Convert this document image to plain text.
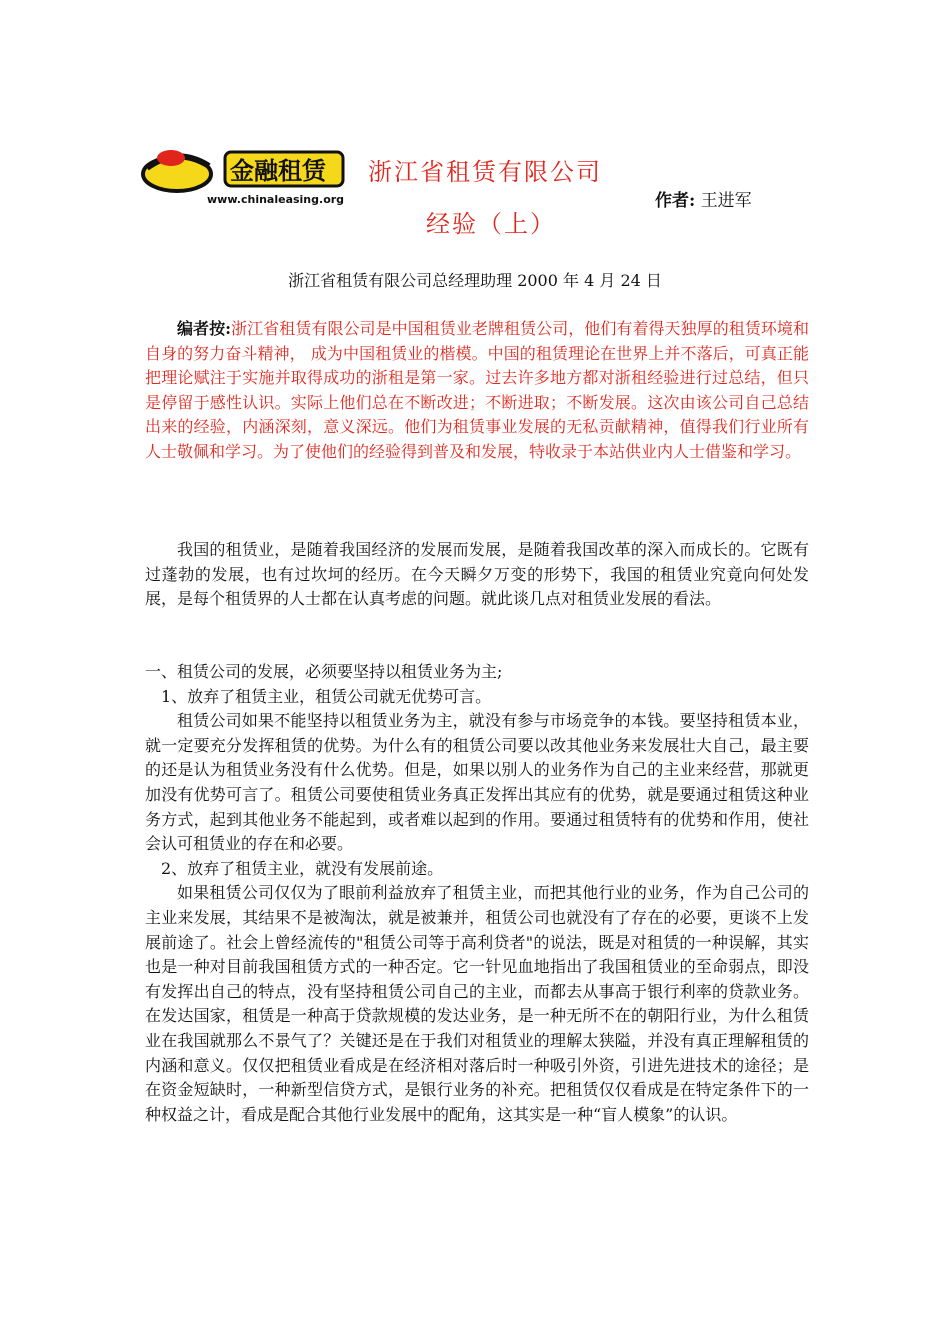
金融租赁
www.chinaleasing.org
浙江省租赁有限公司
经验（上）
作者: 王进军
浙江省租赁有限公司总经理助理 2000 年 4 月 24 日
编者按:浙江省租赁有限公司是中国租赁业老牌租赁公司，他们有着得天独厚的租赁环境和自身的努力奋斗精神， 成为中国租赁业的楷模。中国的租赁理论在世界上并不落后，可真正能把理论赋注于实施并取得成功的浙租是第一家。过去许多地方都对浙租经验进行过总结，但只是停留于感性认识。实际上他们总在不断改进；不断进取；不断发展。这次由该公司自己总结出来的经验，内涵深刻，意义深远。他们为租赁事业发展的无私贡献精神，值得我们行业所有人士敬佩和学习。为了使他们的经验得到普及和发展，特收录于本站供业内人士借鉴和学习。
我国的租赁业，是随着我国经济的发展而发展，是随着我国改革的深入而成长的。它既有过蓬勃的发展，也有过坎坷的经历。在今天瞬夕万变的形势下，我国的租赁业究竟向何处发展，是每个租赁界的人士都在认真考虑的问题。就此谈几点对租赁业发展的看法。

一、租赁公司的发展，必须要坚持以租赁业务为主;

1、放弃了租赁主业，租赁公司就无优势可言。

租赁公司如果不能坚持以租赁业务为主，就没有参与市场竞争的本钱。要坚持租赁本业，就一定要充分发挥租赁的优势。为什么有的租赁公司要以改其他业务来发展壮大自己，最主要的还是认为租赁业务没有什么优势。但是，如果以别人的业务作为自己的主业来经营，那就更加没有优势可言了。租赁公司要使租赁业务真正发挥出其应有的优势，就是要通过租赁这种业务方式，起到其他业务不能起到，或者难以起到的作用。要通过租赁特有的优势和作用，使社会认可租赁业的存在和必要。

2、放弃了租赁主业，就没有发展前途。

如果租赁公司仅仅为了眼前利益放弃了租赁主业，而把其他行业的业务，作为自己公司的主业来发展，其结果不是被淘汰，就是被兼并，租赁公司也就没有了存在的必要，更谈不上发展前途了。社会上曾经流传的"租赁公司等于高利贷者"的说法，既是对租赁的一种误解，其实也是一种对目前我国租赁方式的一种否定。它一针见血地指出了我国租赁业的至命弱点，即没有发挥出自己的特点，没有坚持租赁公司自己的主业，而都去从事高于银行利率的贷款业务。在发达国家，租赁是一种高于贷款规模的发达业务，是一种无所不在的朝阳行业，为什么租赁业在我国就那么不景气了？关键还是在于我们对租赁业的理解太狭隘，并没有真正理解租赁的内涵和意义。仅仅把租赁业看成是在经济相对落后时一种吸引外资，引进先进技术的途径；是在资金短缺时，一种新型信贷方式，是银行业务的补充。把租赁仅仅看成是在特定条件下的一种权益之计，看成是配合其他行业发展中的配角，这其实是一种“盲人模象”的认识。
